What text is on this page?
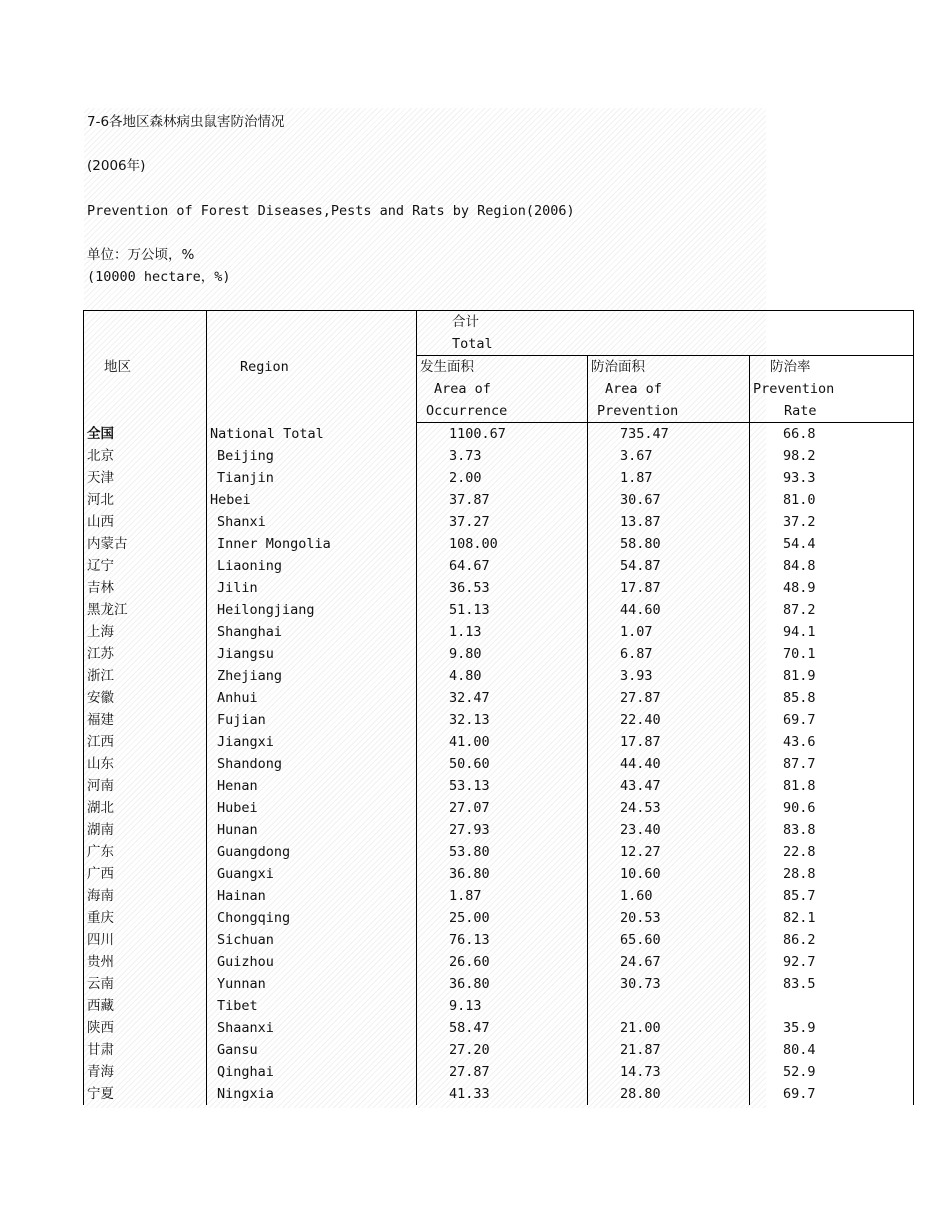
7-6各地区森林病虫鼠害防治情况
(2006年)
Prevention of Forest Diseases,Pests and Rats by Region(2006)
单位：万公顷，%
(10000 hectare，%)
地区	Region	合计		
		Total		
		发生面积	防治面积	防治率
		Area of	Area of	Prevention
		Occurrence	Prevention	Rate
全国	National Total	1100.67	735.47	66.8
北京	Beijing	3.73	3.67	98.2
天津	Tianjin	2.00	1.87	93.3
河北	Hebei	37.87	30.67	81.0
山西	Shanxi	37.27	13.87	37.2
内蒙古	Inner Mongolia	108.00	58.80	54.4
辽宁	Liaoning	64.67	54.87	84.8
吉林	Jilin	36.53	17.87	48.9
黑龙江	Heilongjiang	51.13	44.60	87.2
上海	Shanghai	1.13	1.07	94.1
江苏	Jiangsu	9.80	6.87	70.1
浙江	Zhejiang	4.80	3.93	81.9
安徽	Anhui	32.47	27.87	85.8
福建	Fujian	32.13	22.40	69.7
江西	Jiangxi	41.00	17.87	43.6
山东	Shandong	50.60	44.40	87.7
河南	Henan	53.13	43.47	81.8
湖北	Hubei	27.07	24.53	90.6
湖南	Hunan	27.93	23.40	83.8
广东	Guangdong	53.80	12.27	22.8
广西	Guangxi	36.80	10.60	28.8
海南	Hainan	1.87	1.60	85.7
重庆	Chongqing	25.00	20.53	82.1
四川	Sichuan	76.13	65.60	86.2
贵州	Guizhou	26.60	24.67	92.7
云南	Yunnan	36.80	30.73	83.5
西藏	Tibet	9.13		
陕西	Shaanxi	58.47	21.00	35.9
甘肃	Gansu	27.20	21.87	80.4
青海	Qinghai	27.87	14.73	52.9
宁夏	Ningxia	41.33	28.80	69.7
